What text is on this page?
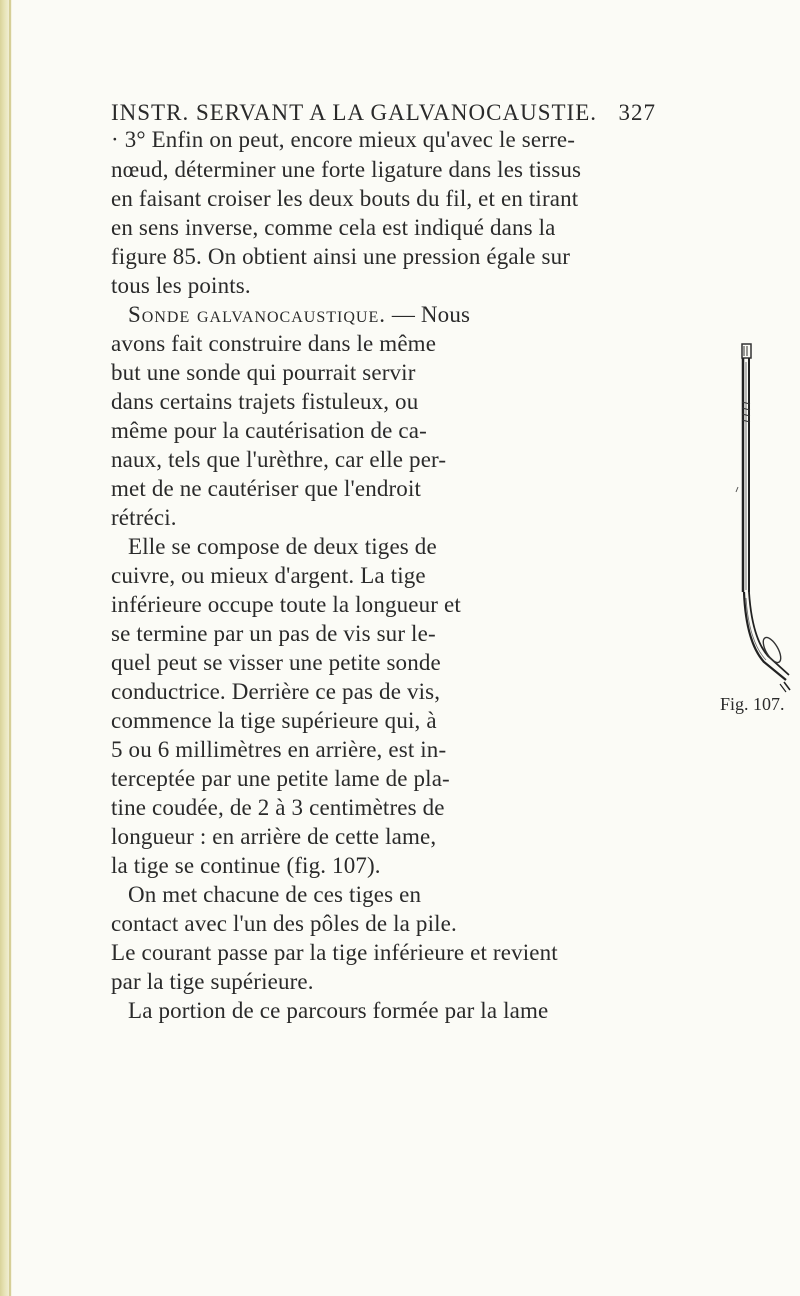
INSTR. SERVANT A LA GALVANOCAUSTIE. 327
· 3° Enfin on peut, encore mieux qu'avec le serre-
nœud, déterminer une forte ligature dans les tissus
en faisant croiser les deux bouts du fil, et en tirant
en sens inverse, comme cela est indiqué dans la
figure 85. On obtient ainsi une pression égale sur
tous les points.
Sonde galvanocaustique. — Nous
avons fait construire dans le même
but une sonde qui pourrait servir
dans certains trajets fistuleux, ou
même pour la cautérisation de ca-
naux, tels que l'urèthre, car elle per-
met de ne cautériser que l'endroit
rétréci.
Elle se compose de deux tiges de
cuivre, ou mieux d'argent. La tige
inférieure occupe toute la longueur et
se termine par un pas de vis sur le-
quel peut se visser une petite sonde
conductrice. Derrière ce pas de vis,
commence la tige supérieure qui, à
5 ou 6 millimètres en arrière, est in-
terceptée par une petite lame de pla-
tine coudée, de 2 à 3 centimètres de
longueur : en arrière de cette lame,
la tige se continue (fig. 107).
On met chacune de ces tiges en
contact avec l'un des pôles de la pile.
Le courant passe par la tige inférieure et revient
par la tige supérieure.
La portion de ce parcours formée par la lame
Fig. 107.
